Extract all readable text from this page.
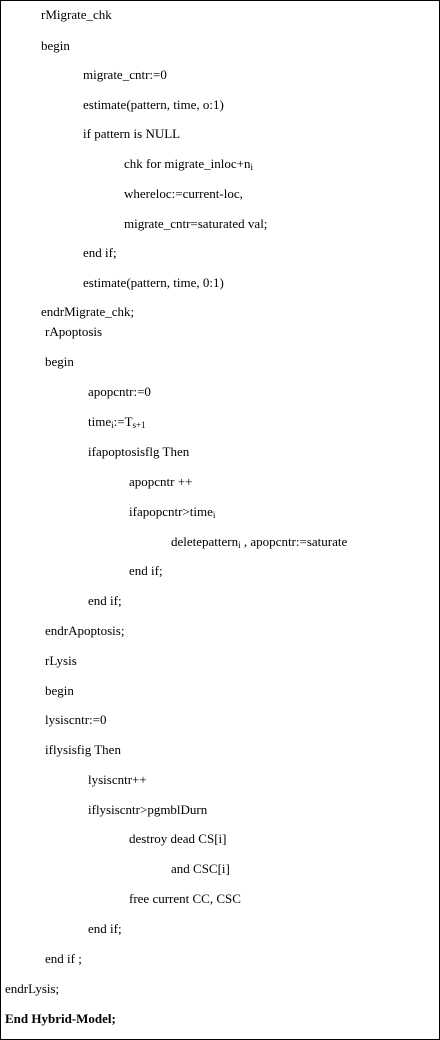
rMigrate_chk
begin
migrate_cntr:=0
estimate(pattern, time, o:1)
if pattern is NULL
chk for $migrate\_inloc+n_i$
whereloc:=current-loc,
migrate_cntr=saturated val;
end if;
estimate(pattern, time, 0:1)
endrMigrate_chk;
rApoptosis
begin
apopcntr:=0
$time_i:=T_{s+1}$
ifapoptosisflg Then
apopcntr ++
ifapopcntr>time$_i$
deletepattern$_i$ , apopcntr:=saturate
end if;
end if;
endrApoptosis;
rLysis
begin
lysiscntr:=0
iflysisfig Then
lysiscntr++
iflysiscntr>pgmblDurn
destroy dead CS[i]
and CSC[i]
free current CC, CSC
end if;
end if ;
endrLysis;
End Hybrid-Model;
